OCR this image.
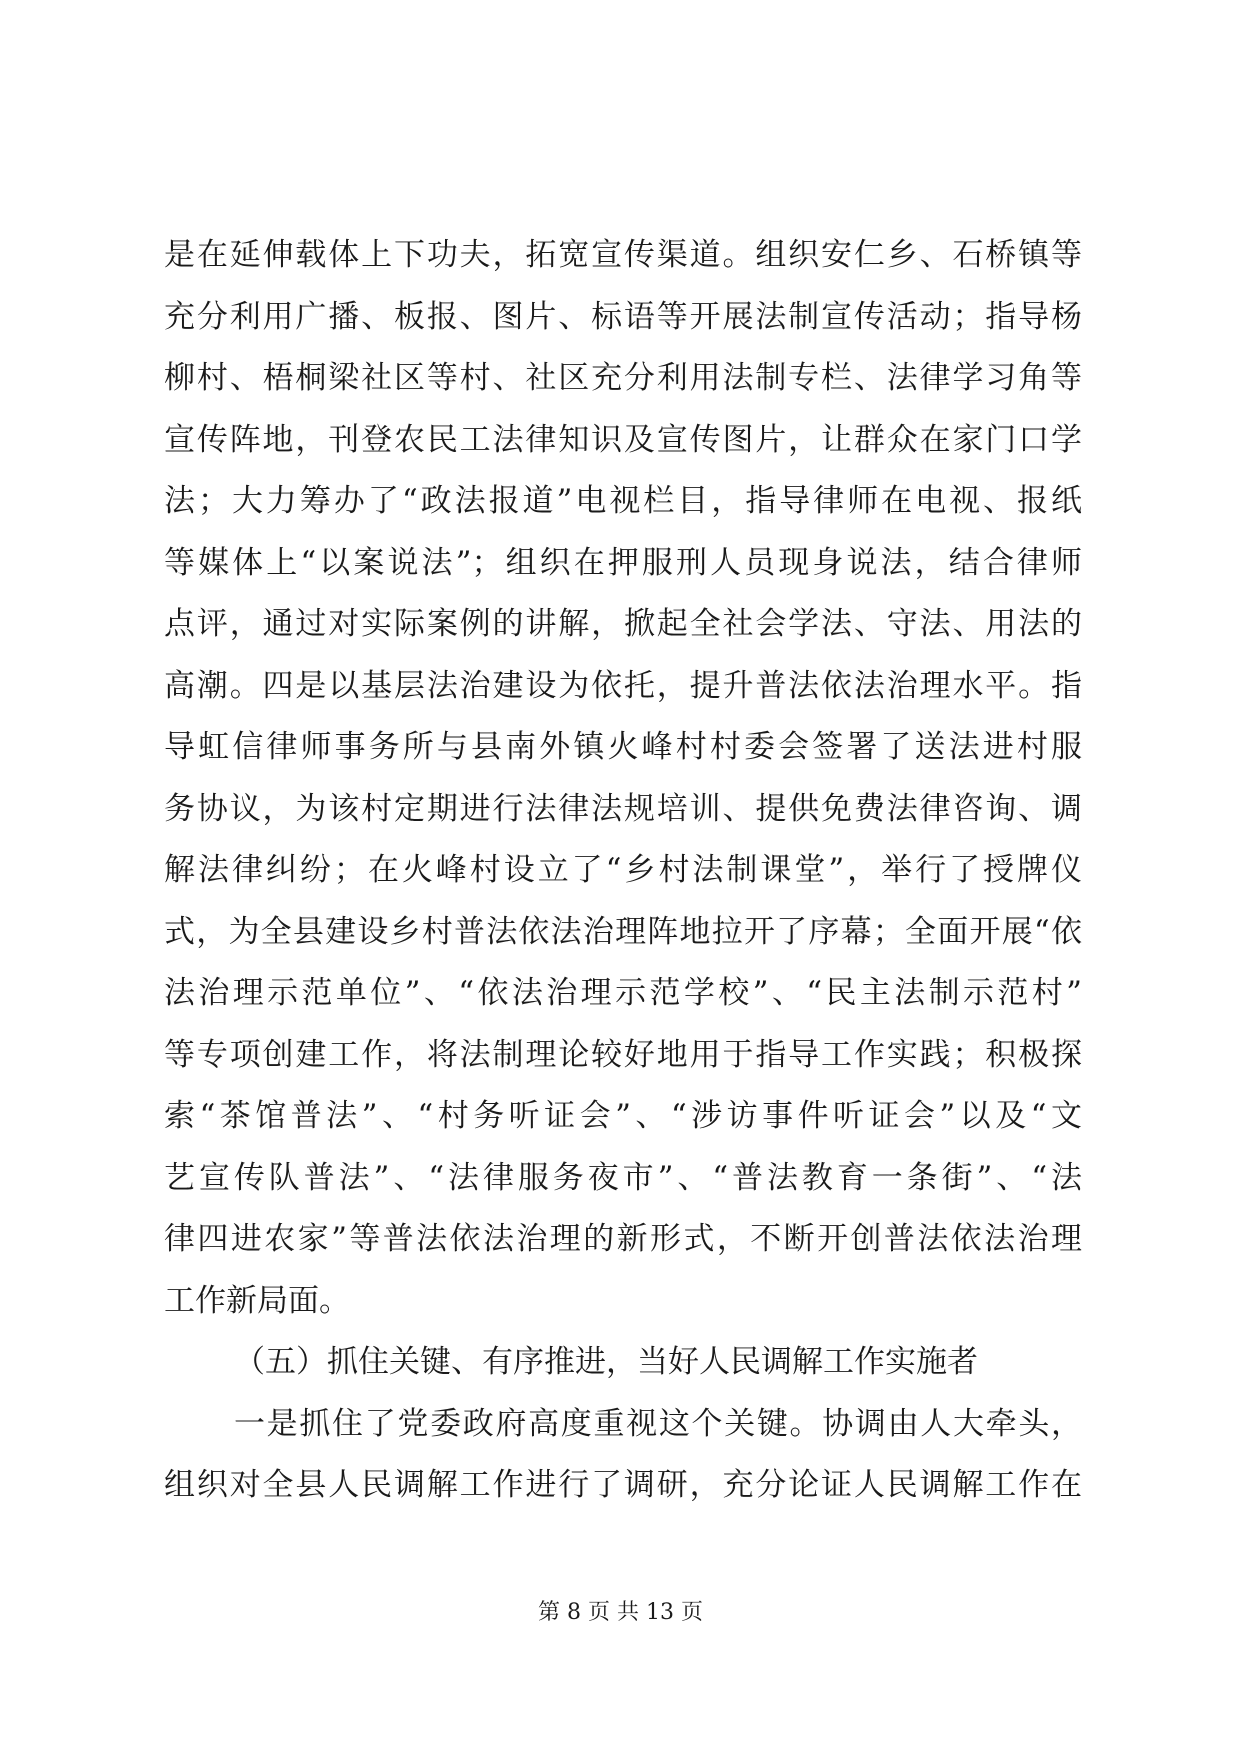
是在延伸载体上下功夫，拓宽宣传渠道。组织安仁乡、石桥镇等
充分利用广播、板报、图片、标语等开展法制宣传活动；指导杨
柳村、梧桐梁社区等村、社区充分利用法制专栏、法律学习角等
宣传阵地，刊登农民工法律知识及宣传图片，让群众在家门口学
法；大力筹办了“政法报道”电视栏目，指导律师在电视、报纸
等媒体上“以案说法”；组织在押服刑人员现身说法，结合律师
点评，通过对实际案例的讲解，掀起全社会学法、守法、用法的
高潮。四是以基层法治建设为依托，提升普法依法治理水平。指
导虹信律师事务所与县南外镇火峰村村委会签署了送法进村服
务协议，为该村定期进行法律法规培训、提供免费法律咨询、调
解法律纠纷；在火峰村设立了“乡村法制课堂”，举行了授牌仪
式，为全县建设乡村普法依法治理阵地拉开了序幕；全面开展“依
法治理示范单位”、“依法治理示范学校”、“民主法制示范村”
等专项创建工作，将法制理论较好地用于指导工作实践；积极探
索“茶馆普法”、“村务听证会”、“涉访事件听证会”以及“文
艺宣传队普法”、“法律服务夜市”、“普法教育一条街”、“法
律四进农家”等普法依法治理的新形式，不断开创普法依法治理
工作新局面。
（五）抓住关键、有序推进，当好人民调解工作实施者
一是抓住了党委政府高度重视这个关键。协调由人大牵头，
组织对全县人民调解工作进行了调研，充分论证人民调解工作在
第 8 页 共 13 页
